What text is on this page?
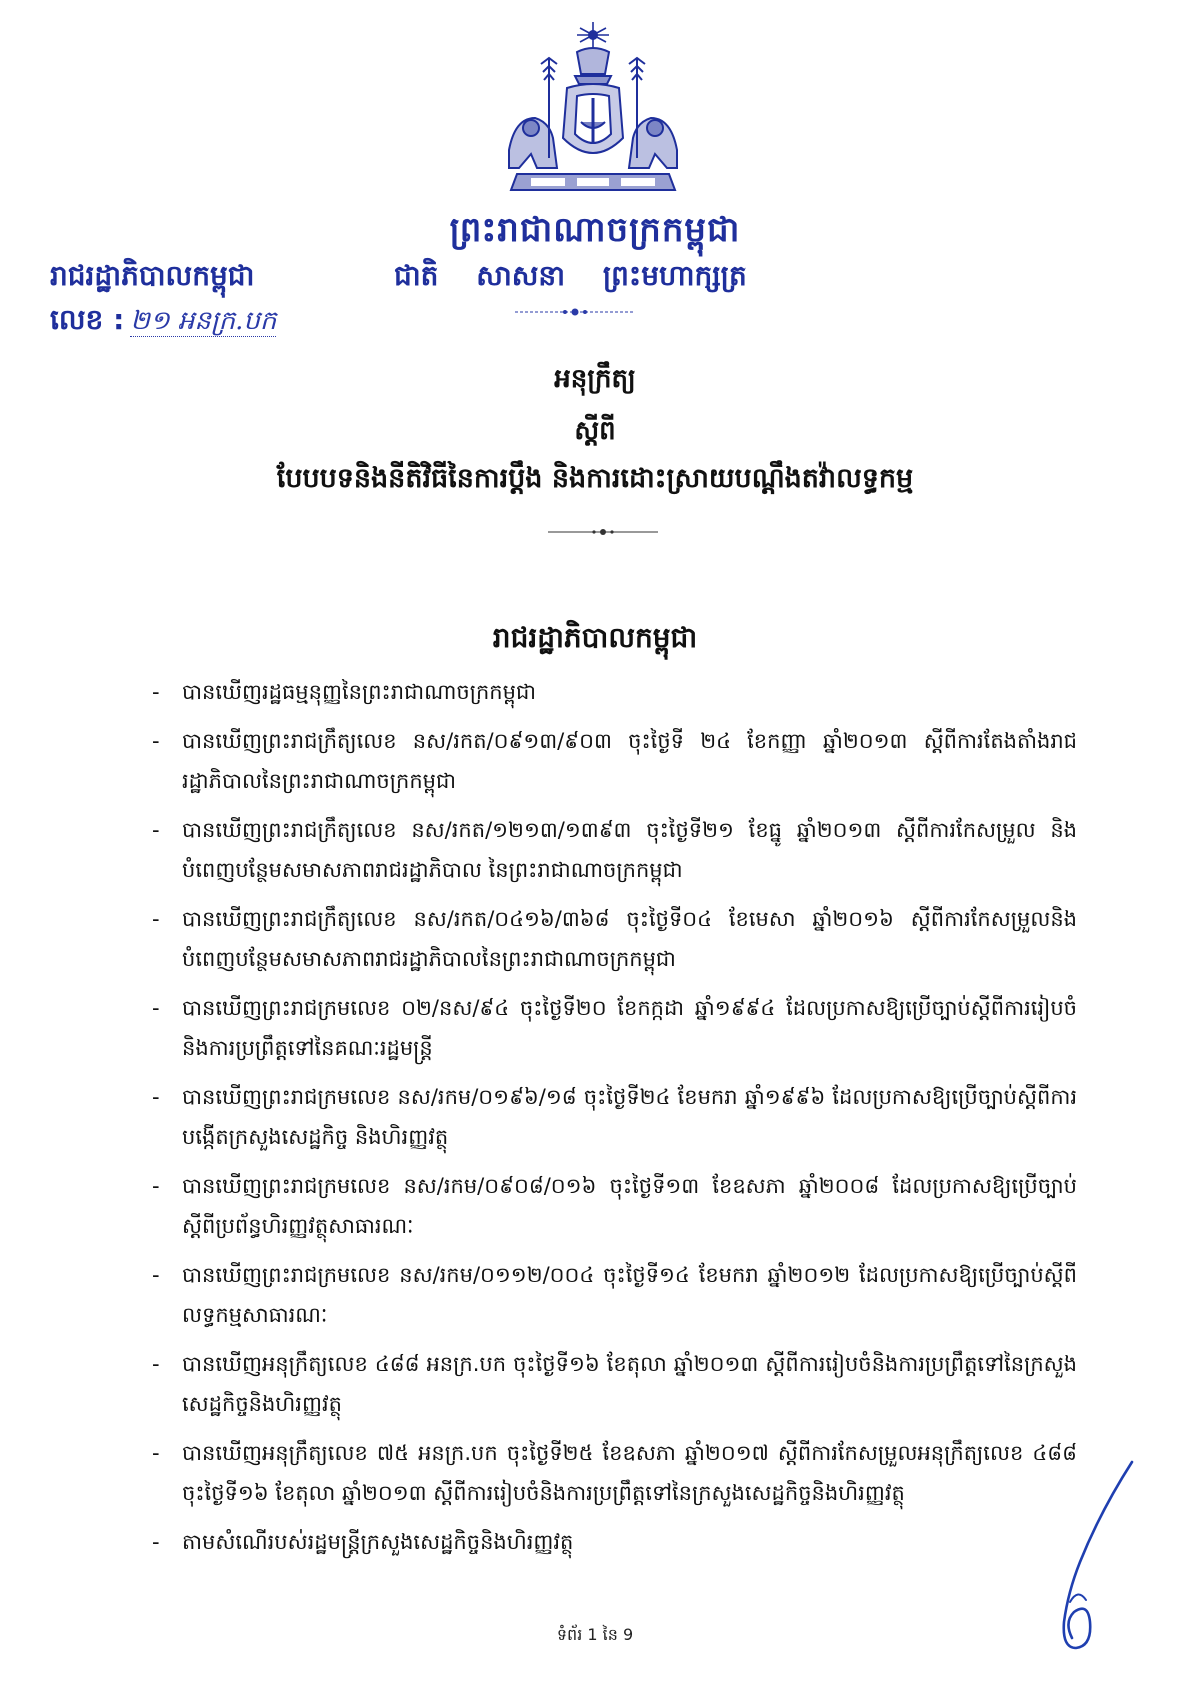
ព្រះរាជាណាចក្រកម្ពុជា
រាជរដ្ឋាភិបាលកម្ពុជា	ជាតិ សាសនា ព្រះមហាក្សត្រ
លេខ : ២១ អនក្រ.បក
អនុក្រឹត្យ
ស្ដីពី
បែបបទនិងនីតិវិធីនៃការប្ដឹង និងការដោះស្រាយបណ្ដឹងតវ៉ាលទ្ធកម្ម
រាជរដ្ឋាភិបាលកម្ពុជា
- បានឃើញរដ្ឋធម្មនុញ្ញនៃព្រះរាជាណាចក្រកម្ពុជា
- បានឃើញព្រះរាជក្រឹត្យលេខ នស/រកត/០៩១៣/៩០៣ ចុះថ្ងៃទី ២៤ ខែកញ្ញា ឆ្នាំ២០១៣ ស្ដីពីការតែងតាំងរាជរដ្ឋាភិបាលនៃព្រះរាជាណាចក្រកម្ពុជា
- បានឃើញព្រះរាជក្រឹត្យលេខ នស/រកត/១២១៣/១៣៩៣ ចុះថ្ងៃទី២១ ខែធ្នូ ឆ្នាំ២០១៣ ស្ដីពីការកែសម្រួល និងបំពេញបន្ថែមសមាសភាពរាជរដ្ឋាភិបាល នៃព្រះរាជាណាចក្រកម្ពុជា
- បានឃើញព្រះរាជក្រឹត្យលេខ នស/រកត/០៤១៦/៣៦៨ ចុះថ្ងៃទី០៤ ខែមេសា ឆ្នាំ២០១៦ ស្ដីពីការកែសម្រួលនិងបំពេញបន្ថែមសមាសភាពរាជរដ្ឋាភិបាលនៃព្រះរាជាណាចក្រកម្ពុជា
- បានឃើញព្រះរាជក្រមលេខ ០២/នស/៩៤ ចុះថ្ងៃទី២០ ខែកក្កដា ឆ្នាំ១៩៩៤ ដែលប្រកាសឱ្យប្រើច្បាប់ស្ដីពីការរៀបចំនិងការប្រព្រឹត្តទៅនៃគណៈរដ្ឋមន្ត្រី
- បានឃើញព្រះរាជក្រមលេខ នស/រកម/០១៩៦/១៨ ចុះថ្ងៃទី២៤ ខែមករា ឆ្នាំ១៩៩៦ ដែលប្រកាសឱ្យប្រើច្បាប់ស្ដីពីការបង្កើតក្រសួងសេដ្ឋកិច្ច និងហិរញ្ញវត្ថុ
- បានឃើញព្រះរាជក្រមលេខ នស/រកម/០៩០៨/០១៦ ចុះថ្ងៃទី១៣ ខែឧសភា ឆ្នាំ២០០៨ ដែលប្រកាសឱ្យប្រើច្បាប់ស្ដីពីប្រព័ន្ធហិរញ្ញវត្ថុសាធារណៈ
- បានឃើញព្រះរាជក្រមលេខ នស/រកម/០១១២/០០៤ ចុះថ្ងៃទី១៤ ខែមករា ឆ្នាំ២០១២ ដែលប្រកាសឱ្យប្រើច្បាប់ស្ដីពីលទ្ធកម្មសាធារណៈ
- បានឃើញអនុក្រឹត្យលេខ ៤៨៨ អនក្រ.បក ចុះថ្ងៃទី១៦ ខែតុលា ឆ្នាំ២០១៣ ស្ដីពីការរៀបចំនិងការប្រព្រឹត្តទៅនៃក្រសួងសេដ្ឋកិច្ចនិងហិរញ្ញវត្ថុ
- បានឃើញអនុក្រឹត្យលេខ ៧៥ អនក្រ.បក ចុះថ្ងៃទី២៥ ខែឧសភា ឆ្នាំ២០១៧ ស្ដីពីការកែសម្រួលអនុក្រឹត្យលេខ ៤៨៨ ចុះថ្ងៃទី១៦ ខែតុលា ឆ្នាំ២០១៣ ស្ដីពីការរៀបចំនិងការប្រព្រឹត្តទៅនៃក្រសួងសេដ្ឋកិច្ចនិងហិរញ្ញវត្ថុ
- តាមសំណើរបស់រដ្ឋមន្ត្រីក្រសួងសេដ្ឋកិច្ចនិងហិរញ្ញវត្ថុ
ទំព័រ 1 នៃ 9
